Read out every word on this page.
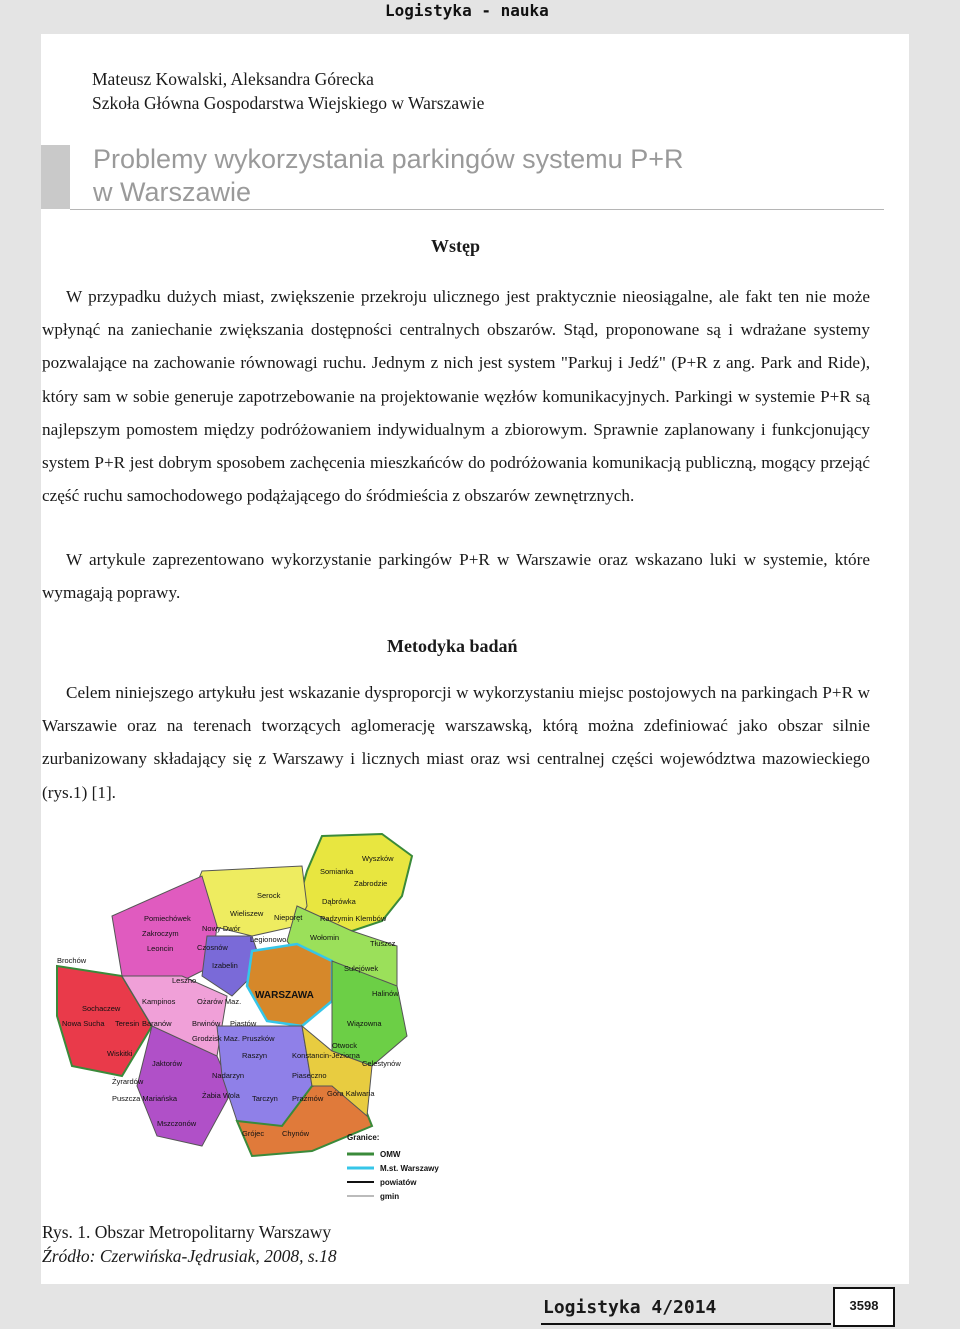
Logistyka - nauka
Mateusz Kowalski, Aleksandra Górecka
Szkoła Główna Gospodarstwa Wiejskiego w Warszawie
Problemy wykorzystania parkingów systemu P+R
w Warszawie
Wstęp

W przypadku dużych miast, zwiększenie przekroju ulicznego jest praktycznie nieosiągalne, ale fakt ten nie może wpłynąć na zaniechanie zwiększania dostępności centralnych obszarów. Stąd, proponowane są i wdrażane systemy pozwalające na zachowanie równowagi ruchu. Jednym z nich jest system "Parkuj i Jedź" (P+R z ang. Park and Ride), który sam w sobie generuje zapotrzebowanie na projektowanie węzłów komunikacyjnych. Parkingi w systemie P+R są najlepszym pomostem między podróżowaniem indywidualnym a zbiorowym. Sprawnie zaplanowany i funkcjonujący system P+R jest dobrym sposobem zachęcenia mieszkańców do podróżowania komunikacją publiczną, mogący przejąć część ruchu samochodowego podążającego do śródmieścia z obszarów zewnętrznych.

W artykule zaprezentowano wykorzystanie parkingów P+R w Warszawie oraz wskazano luki w systemie, które wymagają poprawy.

Metodyka badań

Celem niniejszego artykułu jest wskazanie dysproporcji w wykorzystaniu miejsc postojowych na parkingach P+R w Warszawie oraz na terenach tworzących aglomerację warszawską, którą można zdefiniować jako obszar silnie zurbanizowany składający się z Warszawy i licznych miast oraz wsi centralnej części województwa mazowieckiego (rys.1) [1].

Wyszków
Somianka
Zabrodzie
Serock
Dąbrówka
Pomiechówek
Wieliszew Nieporęt Radzymin Klembów
Zakroczym
Nowy Dwór
Legionowo	Wołomin
Tłuszcz
Leoncin	Czosnów
Izabelin
Brochów
Leszno
WARSZAWA
Sulejówek
Halinów
Kampinos	Ożarów Maz.
Nowa Sucha Teresin Baranów	Brwinów Piastów	Wiązowna
Sochaczew
Grodzisk Maz. Pruszków
Otwock
Wiskitki
Jaktorów
Raszyn	Konstancin-Jeziorna
Celestynów
Nadarzyn	Piaseczno
Żyrardów
Puszcza Mariańska	Żabia Wola Tarczyn Prażmów
Góra Kalwaria
Mszczonów
Grójec Chynów	Granice:
OMW
M.st. Warszawy
powiatów
gmin
Rys. 1. Obszar Metropolitarny Warszawy
Źródło: Czerwińska-Jędrusiak, 2008, s.18
Logistyka 4/2014	3598
